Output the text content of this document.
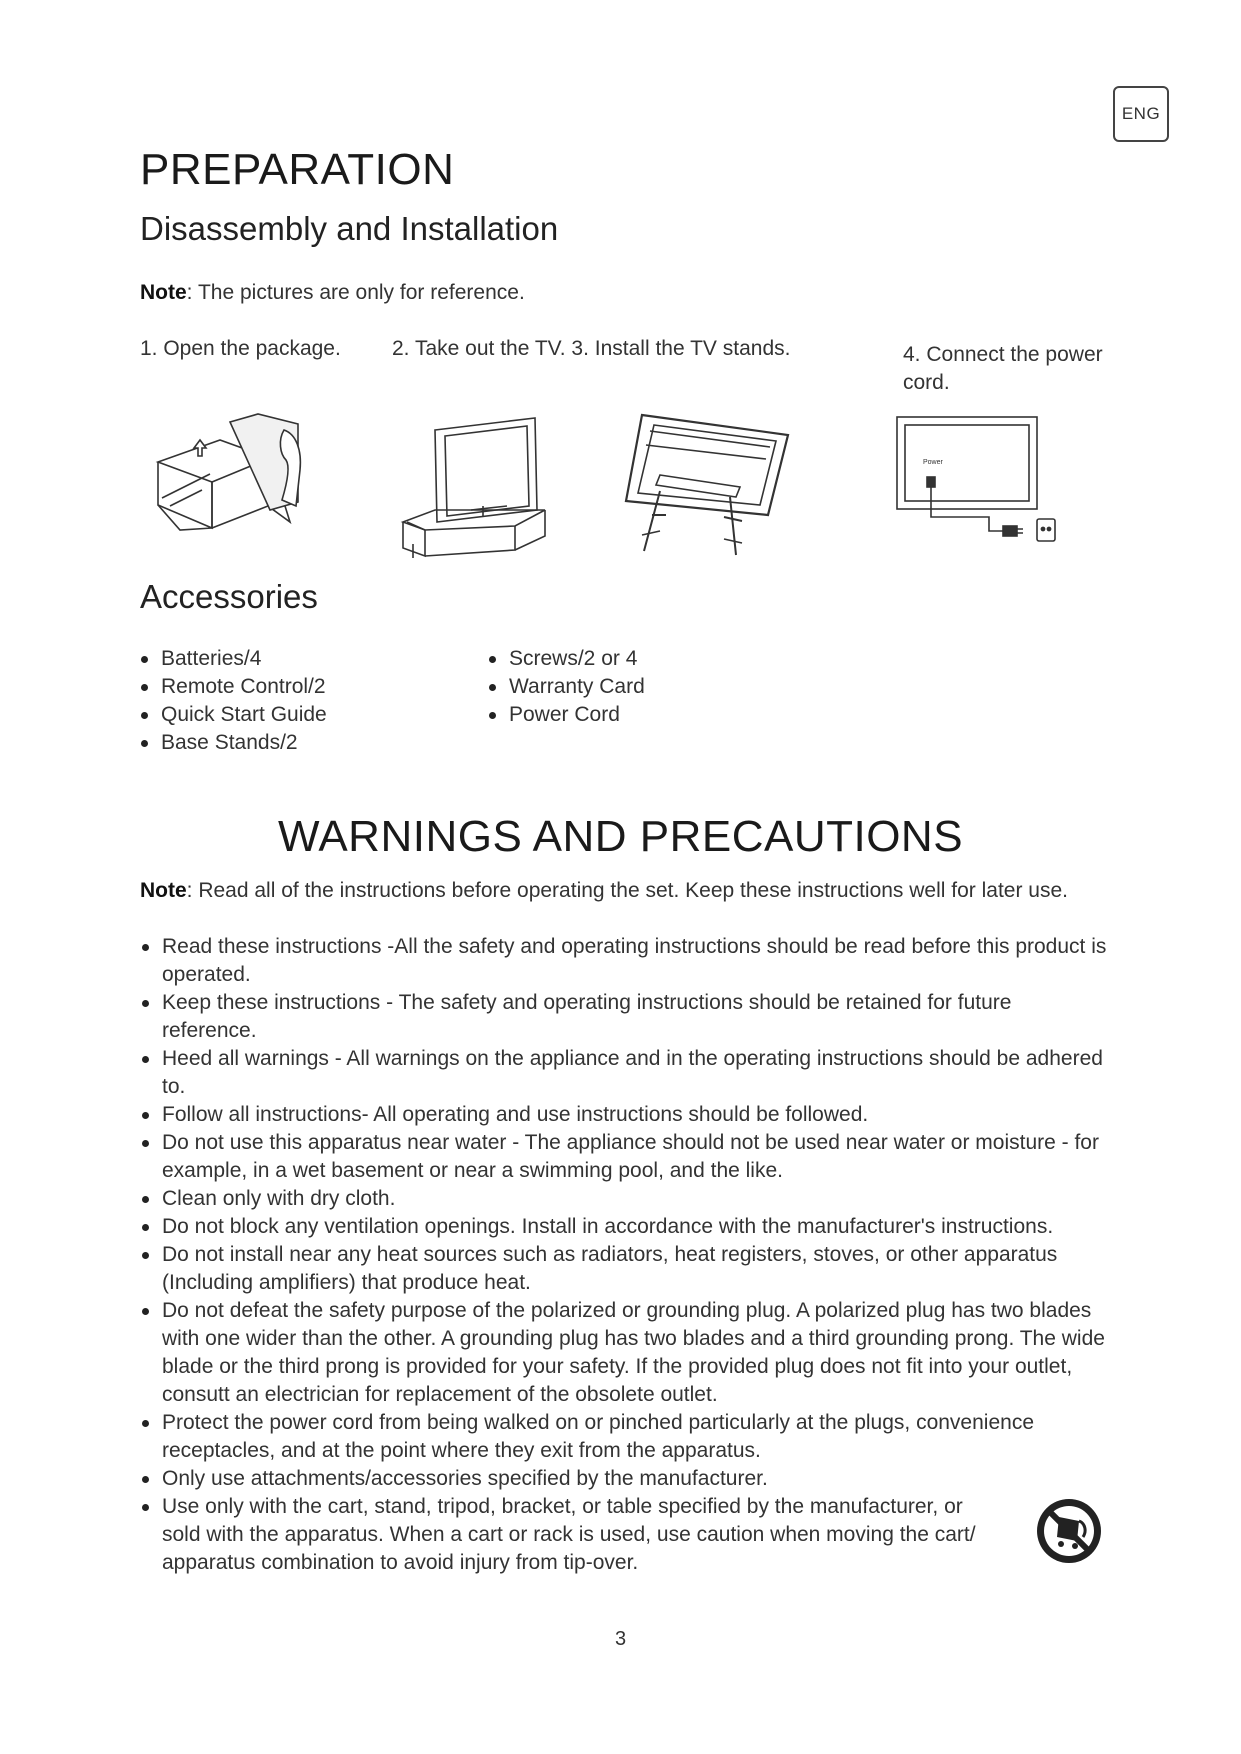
ENG
PREPARATION
Disassembly and Installation
Note: The pictures are only for reference.
1. Open the package. 2. Take out the TV. 3. Install the TV stands.	4. Connect the power cord.
Power
Accessories
Batteries/4
Remote Control/2
Quick Start Guide
Base Stands/2
Screws/2 or 4
Warranty Card
Power Cord
WARNINGS AND PRECAUTIONS
Note: Read all of the instructions before operating the set. Keep these instructions well for later use.
Read these instructions -All the safety and operating instructions should be read before this product is operated.
Keep these instructions - The safety and operating instructions should be retained for future reference.
Heed all warnings - All warnings on the appliance and in the operating instructions should be adhered to.
Follow all instructions- All operating and use instructions should be followed.
Do not use this apparatus near water - The appliance should not be used near water or moisture - for example, in a wet basement or near a swimming pool, and the like.
Clean only with dry cloth.
Do not block any ventilation openings. Install in accordance with the manufacturer's instructions.
Do not install near any heat sources such as radiators, heat registers, stoves, or other apparatus (Including amplifiers) that produce heat.
Do not defeat the safety purpose of the polarized or grounding plug. A polarized plug has two blades with one wider than the other. A grounding plug has two blades and a third grounding prong. The wide blade or the third prong is provided for your safety. If the provided plug does not fit into your outlet, consutt an electrician for replacement of the obsolete outlet.
Protect the power cord from being walked on or pinched particularly at the plugs, convenience receptacles, and at the point where they exit from the apparatus.
Only use attachments/accessories specified by the manufacturer.
Use only with the cart, stand, tripod, bracket, or table specified by the manufacturer, or sold with the apparatus. When a cart or rack is used, use caution when moving the cart/ apparatus combination to avoid injury from tip-over.
3
